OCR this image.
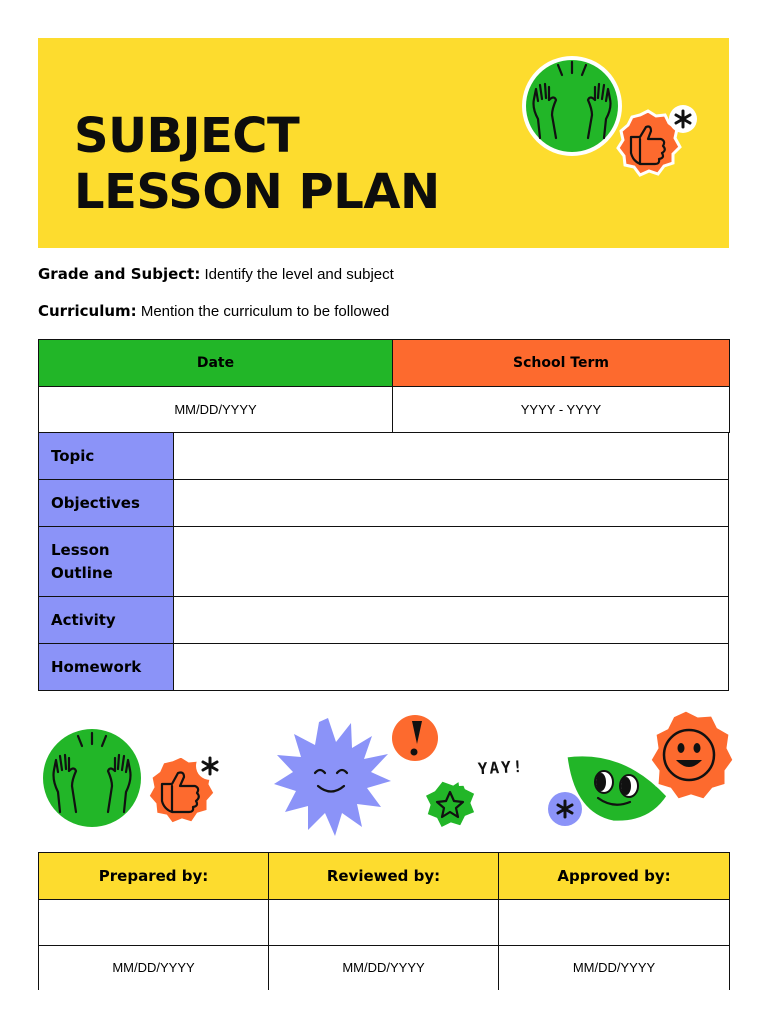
SUBJECT
LESSON PLAN
Grade and Subject: Identify the level and subject
Curriculum: Mention the curriculum to be followed
Date	School Term
MM/DD/YYYY	YYYY - YYYY
Topic	
Objectives	
Lesson Outline	
Activity	
Homework	
YAY!
Prepared by:	Reviewed by:	Approved by:

MM/DD/YYYY	MM/DD/YYYY	MM/DD/YYYY
